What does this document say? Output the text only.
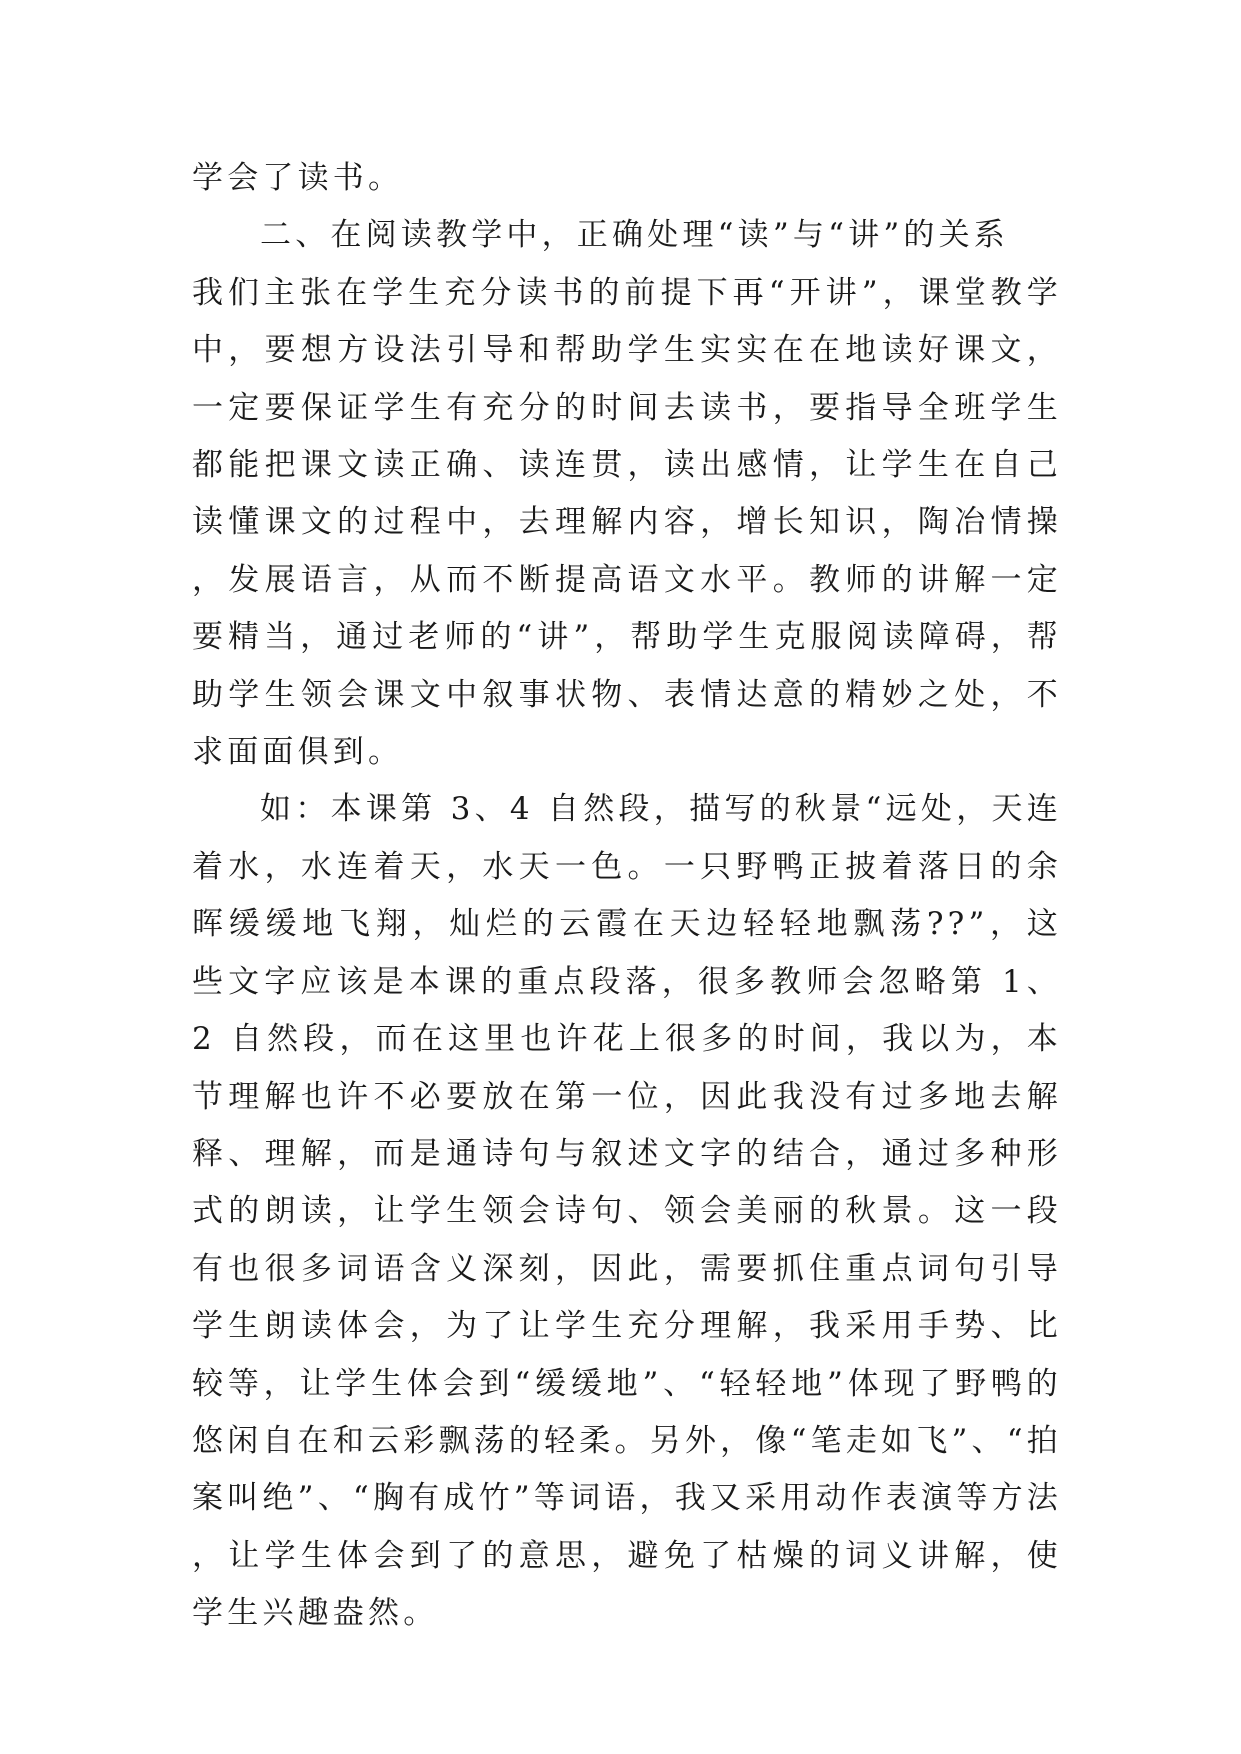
学会了读书。

二、在阅读教学中，正确处理“读”与“讲”的关系

我们主张在学生充分读书的前提下再“开讲”，课堂教学中，要想方设法引导和帮助学生实实在在地读好课文，一定要保证学生有充分的时间去读书，要指导全班学生都能把课文读正确、读连贯，读出感情，让学生在自己读懂课文的过程中，去理解内容，增长知识，陶冶情操，发展语言，从而不断提高语文水平。教师的讲解一定要精当，通过老师的“讲”，帮助学生克服阅读障碍，帮助学生领会课文中叙事状物、表情达意的精妙之处，不求面面俱到。

如：本课第 3、4 自然段，描写的秋景“远处，天连着水，水连着天，水天一色。一只野鸭正披着落日的余晖缓缓地飞翔，灿烂的云霞在天边轻轻地飘荡??”，这些文字应该是本课的重点段落，很多教师会忽略第 1、2 自然段，而在这里也许花上很多的时间，我以为，本节理解也许不必要放在第一位，因此我没有过多地去解释、理解，而是通诗句与叙述文字的结合，通过多种形式的朗读，让学生领会诗句、领会美丽的秋景。这一段有也很多词语含义深刻，因此，需要抓住重点词句引导学生朗读体会，为了让学生充分理解，我采用手势、比较等，让学生体会到“缓缓地”、“轻轻地”体现了野鸭的悠闲自在和云彩飘荡的轻柔。另外，像“笔走如飞”、“拍案叫绝”、“胸有成竹”等词语，我又采用动作表演等方法，让学生体会到了的意思，避免了枯燥的词义讲解，使学生兴趣盎然。
